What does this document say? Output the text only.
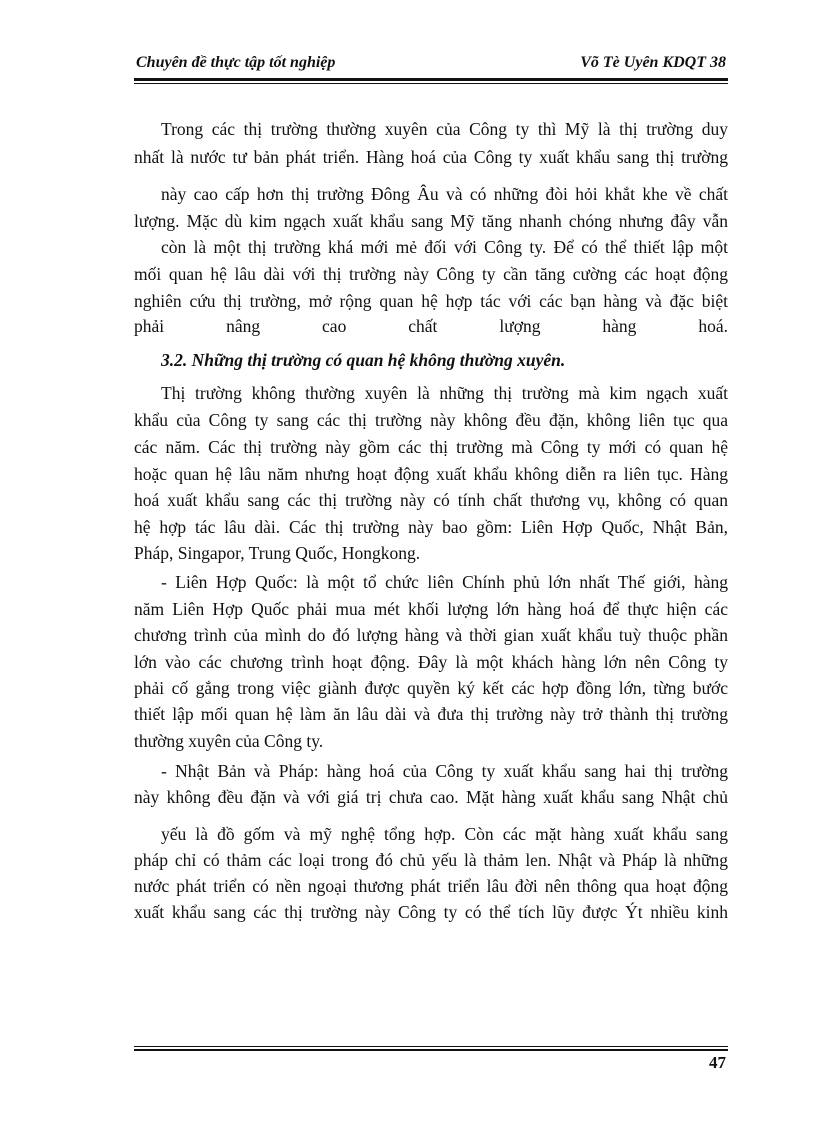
Chuyên đề thực tập tốt nghiệp	Võ Tè Uyên KDQT 38
Trong các thị trường thường xuyên của Công ty thì Mỹ là thị trường duy
nhất là nước tư bản phát triển. Hàng hoá của Công ty xuất khẩu sang thị trường
này cao cấp hơn thị trường Đông Âu và có những đòi hỏi khắt khe về chất
lượng. Mặc dù kim ngạch xuất khẩu sang Mỹ tăng nhanh chóng nhưng đây vẫn
còn là một thị trường khá mới mẻ đối với Công ty. Để có thể thiết lập một
mối quan hệ lâu dài với thị trường này Công ty cần tăng cường các hoạt động
nghiên cứu thị trường, mở rộng quan hệ hợp tác với các bạn hàng và đặc biệt
phải nâng cao chất lượng hàng hoá.
3.2. Những thị trường có quan hệ không thường xuyên.
Thị trường không thường xuyên là những thị trường mà kim ngạch xuất
khẩu của Công ty sang các thị trường này không đều đặn, không liên tục qua
các năm. Các thị trường này gồm các thị trường mà Công ty mới có quan hệ
hoặc quan hệ lâu năm nhưng hoạt động xuất khẩu không diễn ra liên tục. Hàng
hoá xuất khẩu sang các thị trường này có tính chất thương vụ, không có quan
hệ hợp tác lâu dài. Các thị trường này bao gồm: Liên Hợp Quốc, Nhật Bản,
Pháp, Singapor, Trung Quốc, Hongkong.
- Liên Hợp Quốc: là một tổ chức liên Chính phủ lớn nhất Thế giới, hàng
năm Liên Hợp Quốc phải mua mét khối lượng lớn hàng hoá để thực hiện các
chương trình của mình do đó lượng hàng và thời gian xuất khẩu tuỳ thuộc phần
lớn vào các chương trình hoạt động. Đây là một khách hàng lớn nên Công ty
phải cố gắng trong việc giành được quyền ký kết các hợp đồng lớn, từng bước
thiết lập mối quan hệ làm ăn lâu dài và đưa thị trường này trở thành thị trường
thường xuyên của Công ty.
- Nhật Bản và Pháp: hàng hoá của Công ty xuất khẩu sang hai thị trường
này không đều đặn và với giá trị chưa cao. Mặt hàng xuất khẩu sang Nhật chủ
yếu là đồ gốm và mỹ nghệ tổng hợp. Còn các mặt hàng xuất khẩu sang
pháp chỉ có thảm các loại trong đó chủ yếu là thảm len. Nhật và Pháp là những
nước phát triển có nền ngoại thương phát triển lâu đời nên thông qua hoạt động
xuất khẩu sang các thị trường này Công ty có thể tích lũy được Ýt nhiều kinh
47
